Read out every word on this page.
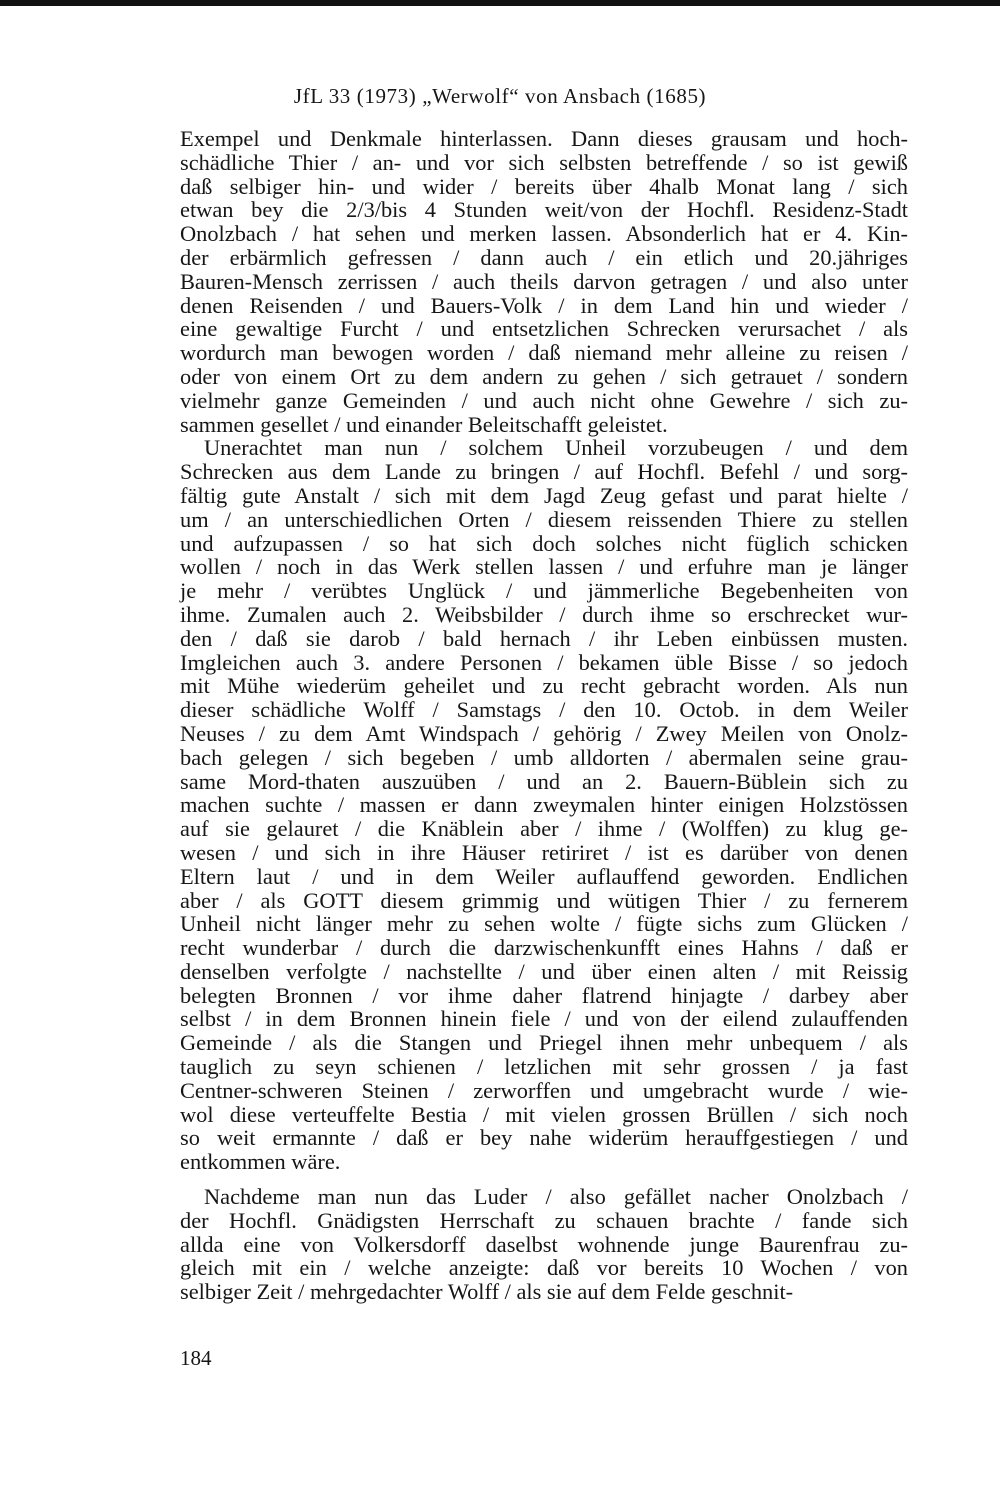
JfL 33 (1973) „Werwolf“ von Ansbach (1685)

Exempel und Denkmale hinterlassen. Dann dieses grausam und hoch-
schädliche Thier / an- und vor sich selbsten betreffende / so ist gewiß
daß selbiger hin- und wider / bereits über 4halb Monat lang / sich
etwan bey die 2/3/bis 4 Stunden weit/von der Hochfl. Residenz-Stadt
Onolzbach / hat sehen und merken lassen. Absonderlich hat er 4. Kin-
der erbärmlich gefressen / dann auch / ein etlich und 20.jähriges
Bauren-Mensch zerrissen / auch theils darvon getragen / und also unter
denen Reisenden / und Bauers-Volk / in dem Land hin und wieder /
eine gewaltige Furcht / und entsetzlichen Schrecken verursachet / als
wordurch man bewogen worden / daß niemand mehr alleine zu reisen /
oder von einem Ort zu dem andern zu gehen / sich getrauet / sondern
vielmehr ganze Gemeinden / und auch nicht ohne Gewehre / sich zu-
sammen gesellet / und einander Beleitschafft geleistet.

Unerachtet man nun / solchem Unheil vorzubeugen / und dem
Schrecken aus dem Lande zu bringen / auf Hochfl. Befehl / und sorg-
fältig gute Anstalt / sich mit dem Jagd Zeug gefast und parat hielte /
um / an unterschiedlichen Orten / diesem reissenden Thiere zu stellen
und aufzupassen / so hat sich doch solches nicht füglich schicken
wollen / noch in das Werk stellen lassen / und erfuhre man je länger
je mehr / verübtes Unglück / und jämmerliche Begebenheiten von
ihme. Zumalen auch 2. Weibsbilder / durch ihme so erschrecket wur-
den / daß sie darob / bald hernach / ihr Leben einbüssen musten.
Imgleichen auch 3. andere Personen / bekamen üble Bisse / so jedoch
mit Mühe wiederüm geheilet und zu recht gebracht worden. Als nun
dieser schädliche Wolff / Samstags / den 10. Octob. in dem Weiler
Neuses / zu dem Amt Windspach / gehörig / Zwey Meilen von Onolz-
bach gelegen / sich begeben / umb alldorten / abermalen seine grau-
same Mord-thaten auszuüben / und an 2. Bauern-Büblein sich zu
machen suchte / massen er dann zweymalen hinter einigen Holzstössen
auf sie gelauret / die Knäblein aber / ihme / (Wolffen) zu klug ge-
wesen / und sich in ihre Häuser retiriret / ist es darüber von denen
Eltern laut / und in dem Weiler auflauffend geworden. Endlichen
aber / als GOTT diesem grimmig und wütigen Thier / zu fernerem
Unheil nicht länger mehr zu sehen wolte / fügte sichs zum Glücken /
recht wunderbar / durch die darzwischenkunfft eines Hahns / daß er
denselben verfolgte / nachstellte / und über einen alten / mit Reissig
belegten Bronnen / vor ihme daher flatrend hinjagte / darbey aber
selbst / in dem Bronnen hinein fiele / und von der eilend zulauffenden
Gemeinde / als die Stangen und Priegel ihnen mehr unbequem / als
tauglich zu seyn schienen / letzlichen mit sehr grossen / ja fast
Centner-schweren Steinen / zerworffen und umgebracht wurde / wie-
wol diese verteuffelte Bestia / mit vielen grossen Brüllen / sich noch
so weit ermannte / daß er bey nahe widerüm herauffgestiegen / und
entkommen wäre.

Nachdeme man nun das Luder / also gefället nacher Onolzbach /
der Hochfl. Gnädigsten Herrschaft zu schauen brachte / fande sich
allda eine von Volkersdorff daselbst wohnende junge Baurenfrau zu-
gleich mit ein / welche anzeigte: daß vor bereits 10 Wochen / von
selbiger Zeit / mehrgedachter Wolff / als sie auf dem Felde geschnit-

184
